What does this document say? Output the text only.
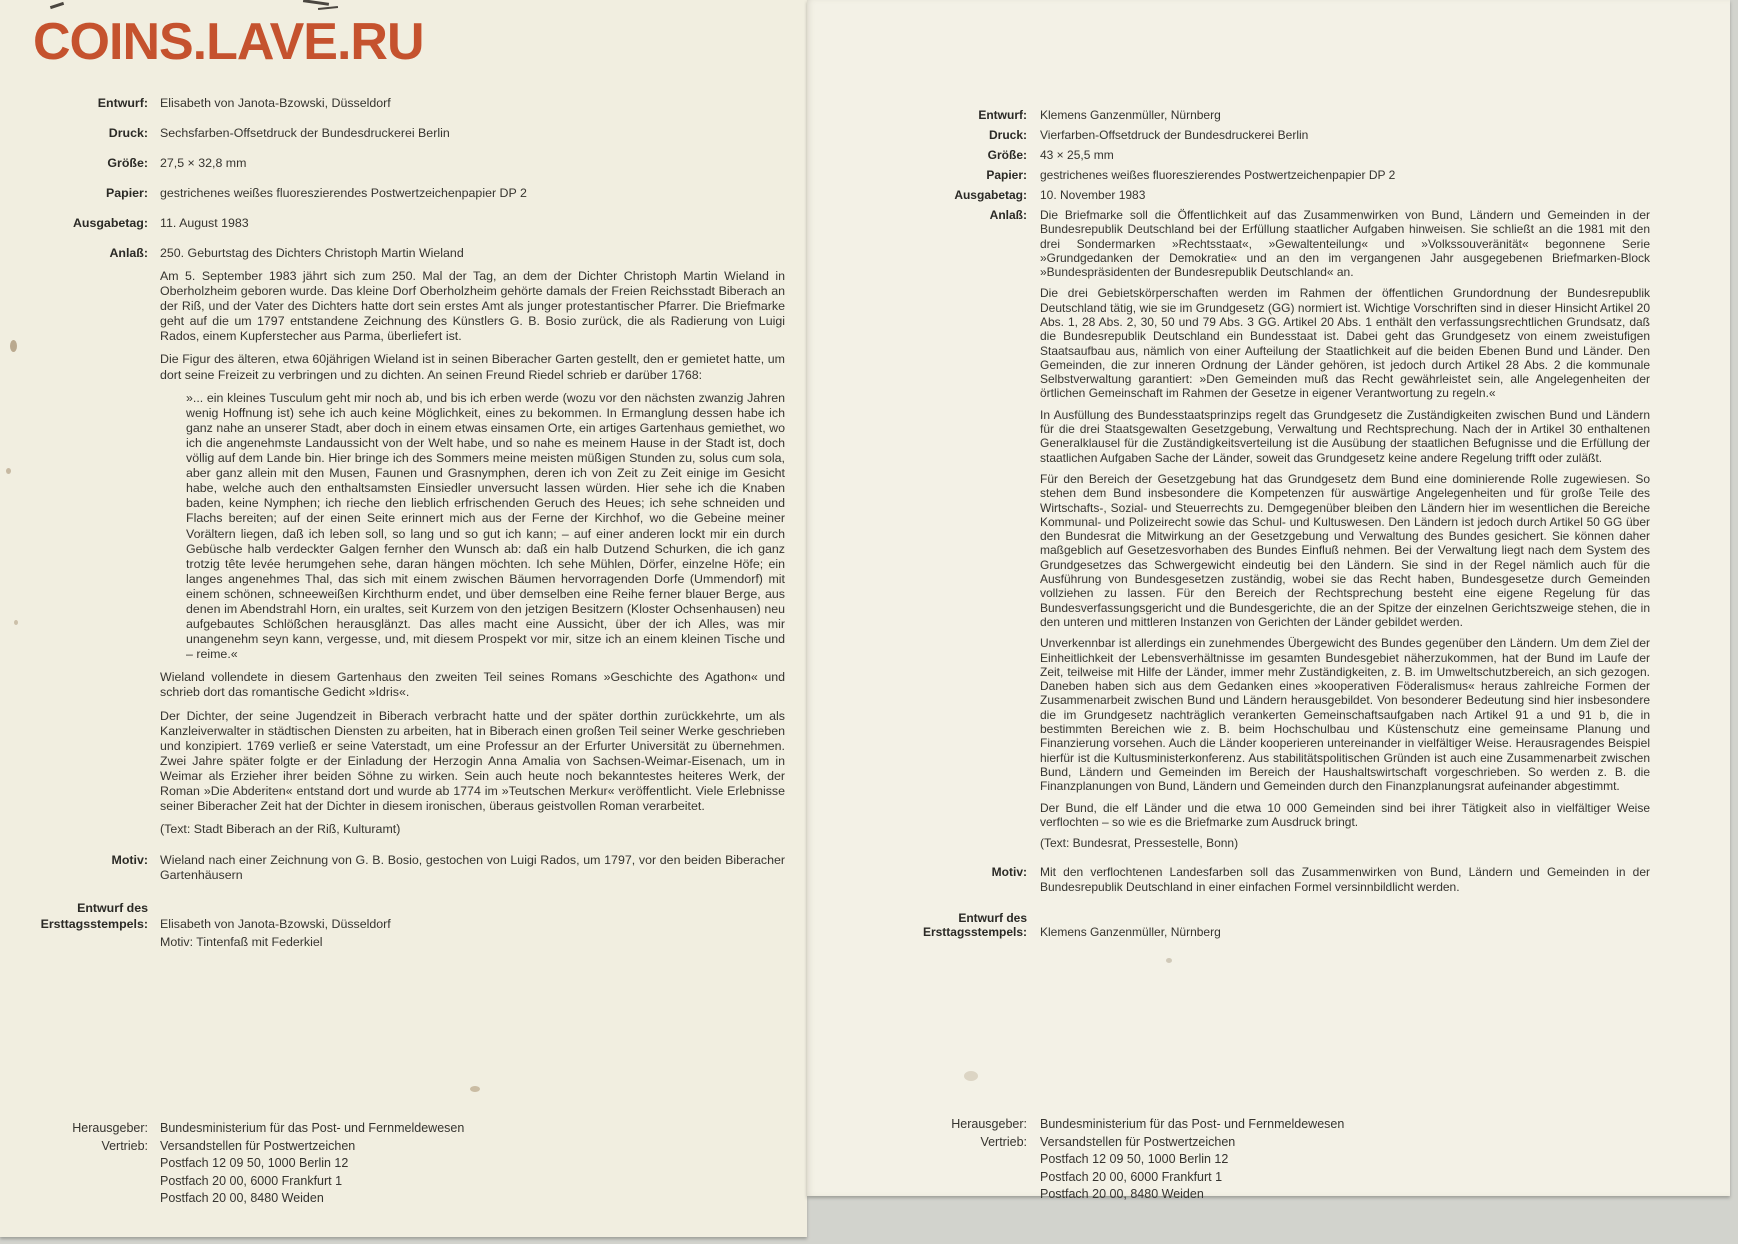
COINS.LAVE.RU
Entwurf: Elisabeth von Janota-Bzowski, Düsseldorf
Druck: Sechsfarben-Offsetdruck der Bundesdruckerei Berlin
Größe: 27,5 × 32,8 mm
Papier: gestrichenes weißes fluoreszierendes Postwertzeichenpapier DP 2
Ausgabetag: 11. August 1983
Anlaß: 250. Geburtstag des Dichters Christoph Martin Wieland

Am 5. September 1983 jährt sich zum 250. Mal der Tag, an dem der Dichter Christoph Martin Wieland in Oberholzheim geboren wurde. Das kleine Dorf Oberholzheim gehörte damals der Freien Reichsstadt Biberach an der Riß, und der Vater des Dichters hatte dort sein erstes Amt als junger protestantischer Pfarrer. Die Briefmarke geht auf die um 1797 entstandene Zeichnung des Künstlers G. B. Bosio zurück, die als Radierung von Luigi Rados, einem Kupferstecher aus Parma, überliefert ist.

Die Figur des älteren, etwa 60jährigen Wieland ist in seinen Biberacher Garten gestellt, den er gemietet hatte, um dort seine Freizeit zu verbringen und zu dichten. An seinen Freund Riedel schrieb er darüber 1768:

»... ein kleines Tusculum geht mir noch ab, und bis ich erben werde (wozu vor den nächsten zwanzig Jahren wenig Hoffnung ist) sehe ich auch keine Möglichkeit, eines zu bekommen. In Ermanglung dessen habe ich ganz nahe an unserer Stadt, aber doch in einem etwas einsamen Orte, ein artiges Gartenhaus gemiethet, wo ich die angenehmste Landaussicht von der Welt habe, und so nahe es meinem Hause in der Stadt ist, doch völlig auf dem Lande bin. Hier bringe ich des Sommers meine meisten müßigen Stunden zu, solus cum sola, aber ganz allein mit den Musen, Faunen und Grasnymphen, deren ich von Zeit zu Zeit einige im Gesicht habe, welche auch den enthaltsamsten Einsiedler unversucht lassen würden. Hier sehe ich die Knaben baden, keine Nymphen; ich rieche den lieblich erfrischenden Geruch des Heues; ich sehe schneiden und Flachs bereiten; auf der einen Seite erinnert mich aus der Ferne der Kirchhof, wo die Gebeine meiner Vorältern liegen, daß ich leben soll, so lang und so gut ich kann; – auf einer anderen lockt mir ein durch Gebüsche halb verdeckter Galgen fernher den Wunsch ab: daß ein halb Dutzend Schurken, die ich ganz trotzig tête levée herumgehen sehe, daran hängen möchten. Ich sehe Mühlen, Dörfer, einzelne Höfe; ein langes angenehmes Thal, das sich mit einem zwischen Bäumen hervorragenden Dorfe (Ummendorf) mit einem schönen, schneeweißen Kirchthurm endet, und über demselben eine Reihe ferner blauer Berge, aus denen im Abendstrahl Horn, ein uraltes, seit Kurzem von den jetzigen Besitzern (Kloster Ochsenhausen) neu aufgebautes Schlößchen herausglänzt. Das alles macht eine Aussicht, über der ich Alles, was mir unangenehm seyn kann, vergesse, und, mit diesem Prospekt vor mir, sitze ich an einem kleinen Tische und – reime.«

Wieland vollendete in diesem Gartenhaus den zweiten Teil seines Romans »Geschichte des Agathon« und schrieb dort das romantische Gedicht »Idris«.

Der Dichter, der seine Jugendzeit in Biberach verbracht hatte und der später dorthin zurückkehrte, um als Kanzleiverwalter in städtischen Diensten zu arbeiten, hat in Biberach einen großen Teil seiner Werke geschrieben und konzipiert. 1769 verließ er seine Vaterstadt, um eine Professur an der Erfurter Universität zu übernehmen. Zwei Jahre später folgte er der Einladung der Herzogin Anna Amalia von Sachsen-Weimar-Eisenach, um in Weimar als Erzieher ihrer beiden Söhne zu wirken. Sein auch heute noch bekanntestes heiteres Werk, der Roman »Die Abderiten« entstand dort und wurde ab 1774 im »Teutschen Merkur« veröffentlicht. Viele Erlebnisse seiner Biberacher Zeit hat der Dichter in diesem ironischen, überaus geistvollen Roman verarbeitet.

(Text: Stadt Biberach an der Riß, Kulturamt)

Motiv: Wieland nach einer Zeichnung von G. B. Bosio, gestochen von Luigi Rados, um 1797, vor den beiden Biberacher Gartenhäusern

Entwurf des
Ersttagsstempels: Elisabeth von Janota-Bzowski, Düsseldorf
Motiv: Tintenfaß mit Federkiel
Herausgeber: Bundesministerium für das Post- und Fernmeldewesen
Vertrieb: Versandstellen für Postwertzeichen
Postfach 12 09 50, 1000 Berlin 12
Postfach 20 00, 6000 Frankfurt 1
Postfach 20 00, 8480 Weiden
Entwurf: Klemens Ganzenmüller, Nürnberg
Druck: Vierfarben-Offsetdruck der Bundesdruckerei Berlin
Größe: 43 × 25,5 mm
Papier: gestrichenes weißes fluoreszierendes Postwertzeichenpapier DP 2
Ausgabetag: 10. November 1983
Anlaß: Die Briefmarke soll die Öffentlichkeit auf das Zusammenwirken von Bund, Ländern und Gemeinden in der Bundesrepublik Deutschland bei der Erfüllung staatlicher Aufgaben hinweisen. Sie schließt an die 1981 mit den drei Sondermarken »Rechtsstaat«, »Gewaltenteilung« und »Volkssouveränität« begonnene Serie »Grundgedanken der Demokratie« und an den im vergangenen Jahr ausgegebenen Briefmarken-Block »Bundespräsidenten der Bundesrepublik Deutschland« an.

Die drei Gebietskörperschaften werden im Rahmen der öffentlichen Grundordnung der Bundesrepublik Deutschland tätig, wie sie im Grundgesetz (GG) normiert ist. Wichtige Vorschriften sind in dieser Hinsicht Artikel 20 Abs. 1, 28 Abs. 2, 30, 50 und 79 Abs. 3 GG. Artikel 20 Abs. 1 enthält den verfassungsrechtlichen Grundsatz, daß die Bundesrepublik Deutschland ein Bundesstaat ist. Dabei geht das Grundgesetz von einem zweistufigen Staatsaufbau aus, nämlich von einer Aufteilung der Staatlichkeit auf die beiden Ebenen Bund und Länder. Den Gemeinden, die zur inneren Ordnung der Länder gehören, ist jedoch durch Artikel 28 Abs. 2 die kommunale Selbstverwaltung garantiert: »Den Gemeinden muß das Recht gewährleistet sein, alle Angelegenheiten der örtlichen Gemeinschaft im Rahmen der Gesetze in eigener Verantwortung zu regeln.«

In Ausfüllung des Bundesstaatsprinzips regelt das Grundgesetz die Zuständigkeiten zwischen Bund und Ländern für die drei Staatsgewalten Gesetzgebung, Verwaltung und Rechtsprechung. Nach der in Artikel 30 enthaltenen Generalklausel für die Zuständigkeitsverteilung ist die Ausübung der staatlichen Befugnisse und die Erfüllung der staatlichen Aufgaben Sache der Länder, soweit das Grundgesetz keine andere Regelung trifft oder zuläßt.

Für den Bereich der Gesetzgebung hat das Grundgesetz dem Bund eine dominierende Rolle zugewiesen. So stehen dem Bund insbesondere die Kompetenzen für auswärtige Angelegenheiten und für große Teile des Wirtschafts-, Sozial- und Steuerrechts zu. Demgegenüber bleiben den Ländern hier im wesentlichen die Bereiche Kommunal- und Polizeirecht sowie das Schul- und Kultuswesen. Den Ländern ist jedoch durch Artikel 50 GG über den Bundesrat die Mitwirkung an der Gesetzgebung und Verwaltung des Bundes gesichert. Sie können daher maßgeblich auf Gesetzesvorhaben des Bundes Einfluß nehmen. Bei der Verwaltung liegt nach dem System des Grundgesetzes das Schwergewicht eindeutig bei den Ländern. Sie sind in der Regel nämlich auch für die Ausführung von Bundesgesetzen zuständig, wobei sie das Recht haben, Bundesgesetze durch Gemeinden vollziehen zu lassen. Für den Bereich der Rechtsprechung besteht eine eigene Regelung für das Bundesverfassungsgericht und die Bundesgerichte, die an der Spitze der einzelnen Gerichtszweige stehen, die in den unteren und mittleren Instanzen von Gerichten der Länder gebildet werden.

Unverkennbar ist allerdings ein zunehmendes Übergewicht des Bundes gegenüber den Ländern. Um dem Ziel der Einheitlichkeit der Lebensverhältnisse im gesamten Bundesgebiet näherzukommen, hat der Bund im Laufe der Zeit, teilweise mit Hilfe der Länder, immer mehr Zuständigkeiten, z. B. im Umweltschutzbereich, an sich gezogen. Daneben haben sich aus dem Gedanken eines »kooperativen Föderalismus« heraus zahlreiche Formen der Zusammenarbeit zwischen Bund und Ländern herausgebildet. Von besonderer Bedeutung sind hier insbesondere die im Grundgesetz nachträglich verankerten Gemeinschaftsaufgaben nach Artikel 91 a und 91 b, die in bestimmten Bereichen wie z. B. beim Hochschulbau und Küstenschutz eine gemeinsame Planung und Finanzierung vorsehen. Auch die Länder kooperieren untereinander in vielfältiger Weise. Herausragendes Beispiel hierfür ist die Kultusministerkonferenz. Aus stabilitätspolitischen Gründen ist auch eine Zusammenarbeit zwischen Bund, Ländern und Gemeinden im Bereich der Haushaltswirtschaft vorgeschrieben. So werden z. B. die Finanzplanungen von Bund, Ländern und Gemeinden durch den Finanzplanungsrat aufeinander abgestimmt.

Der Bund, die elf Länder und die etwa 10 000 Gemeinden sind bei ihrer Tätigkeit also in vielfältiger Weise verflochten – so wie es die Briefmarke zum Ausdruck bringt.

(Text: Bundesrat, Pressestelle, Bonn)

Motiv: Mit den verflochtenen Landesfarben soll das Zusammenwirken von Bund, Ländern und Gemeinden in der Bundesrepublik Deutschland in einer einfachen Formel versinnbildlicht werden.

Entwurf des
Ersttagsstempels: Klemens Ganzenmüller, Nürnberg
Herausgeber: Bundesministerium für das Post- und Fernmeldewesen
Vertrieb: Versandstellen für Postwertzeichen
Postfach 12 09 50, 1000 Berlin 12
Postfach 20 00, 6000 Frankfurt 1
Postfach 20 00, 8480 Weiden
